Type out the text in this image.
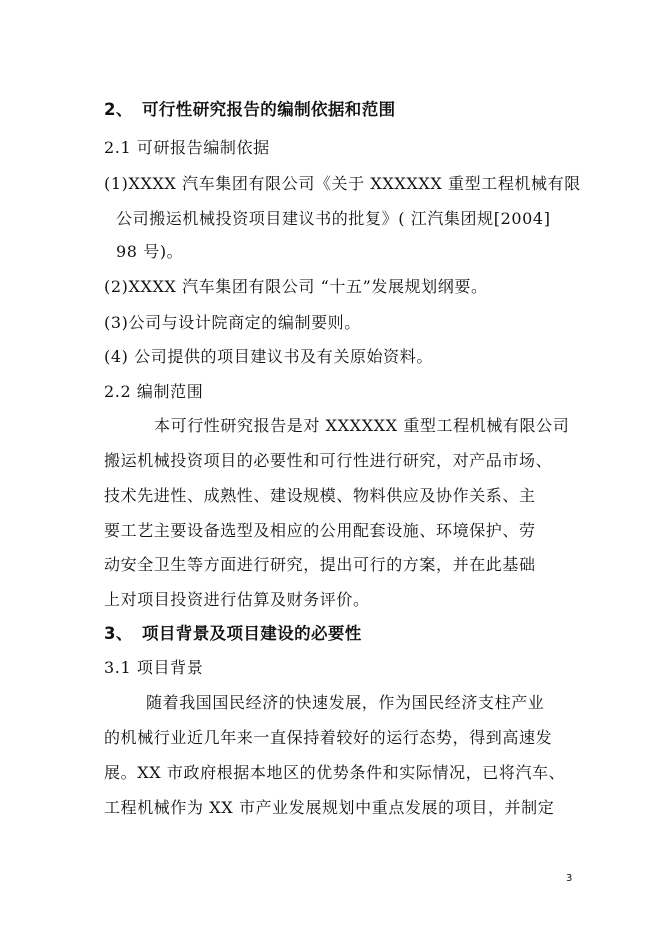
2、 可行性研究报告的编制依据和范围
2.1 可研报告编制依据
(1)XXXX 汽车集团有限公司《关于 XXXXXX 重型工程机械有限
公司搬运机械投资项目建议书的批复》( 江汽集团规[2004]
98 号)。
(2)XXXX 汽车集团有限公司 “十五”发展规划纲要。
(3)公司与设计院商定的编制要则。
(4) 公司提供的项目建议书及有关原始资料。
2.2 编制范围
本可行性研究报告是对 XXXXXX 重型工程机械有限公司
搬运机械投资项目的必要性和可行性进行研究，对产品市场、
技术先进性、成熟性、建设规模、物料供应及协作关系、主
要工艺主要设备选型及相应的公用配套设施、环境保护、劳
动安全卫生等方面进行研究，提出可行的方案，并在此基础
上对项目投资进行估算及财务评价。
3、 项目背景及项目建设的必要性
3.1 项目背景
随着我国国民经济的快速发展，作为国民经济支柱产业
的机械行业近几年来一直保持着较好的运行态势，得到高速发
展。XX 市政府根据本地区的优势条件和实际情况，已将汽车、
工程机械作为 XX 市产业发展规划中重点发展的项目，并制定
3
